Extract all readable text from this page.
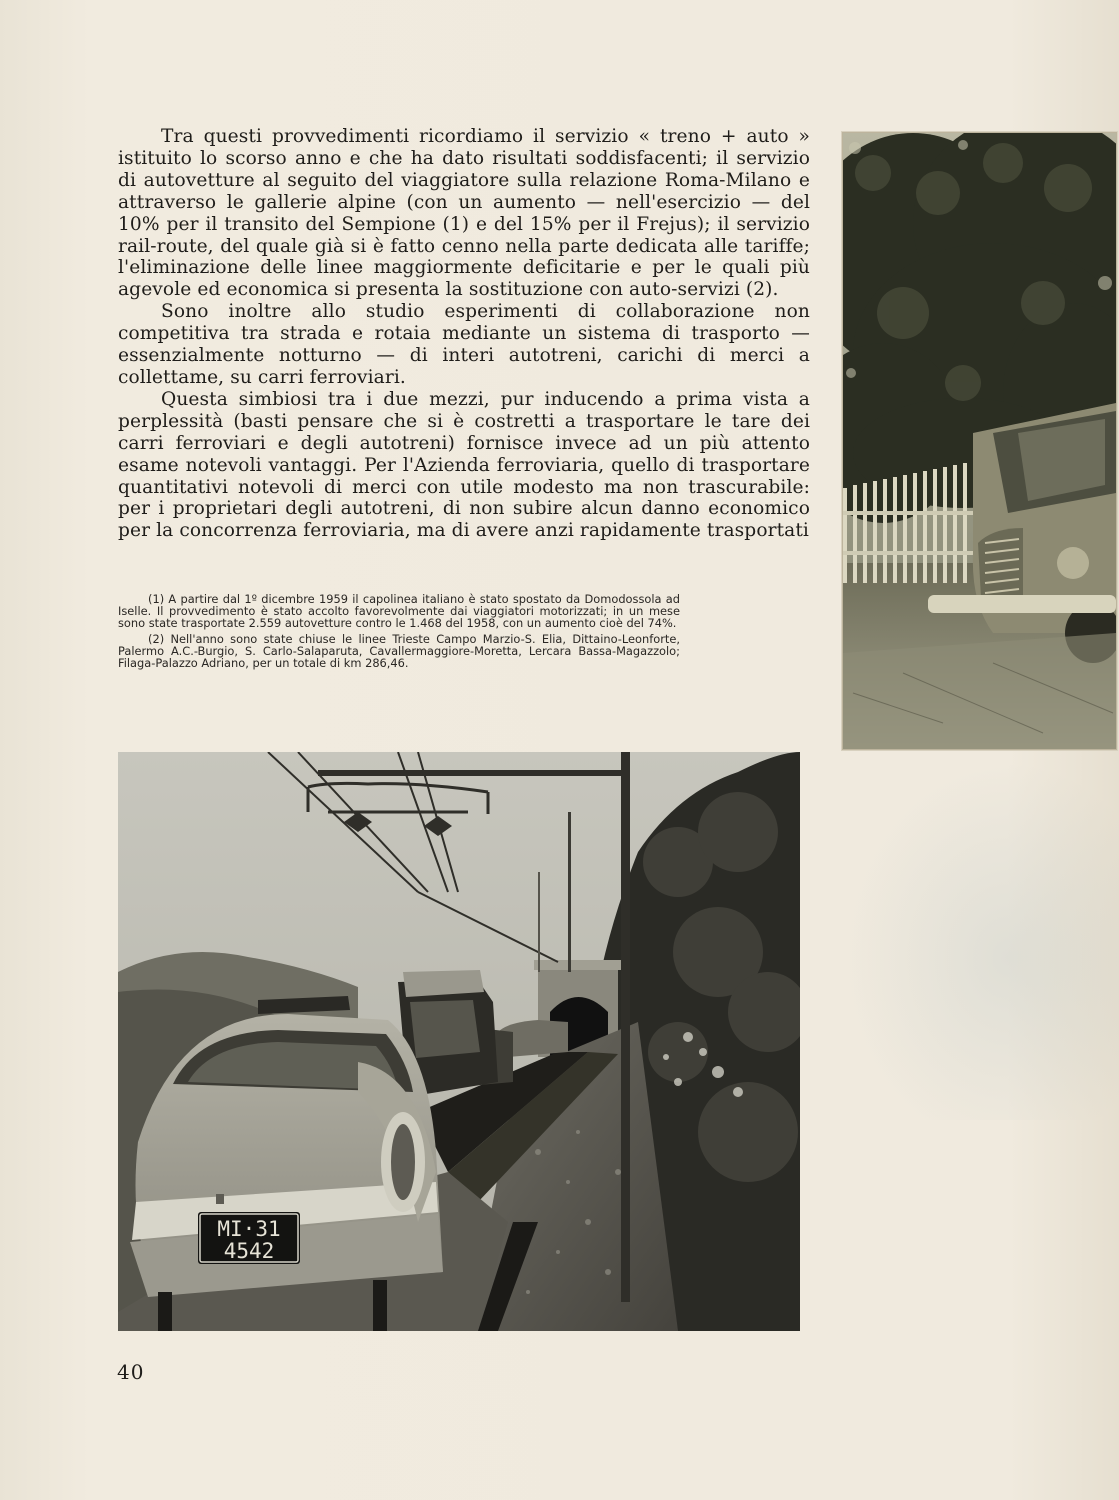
Tra questi provvedimenti ricordiamo il servizio « treno + auto » istituito lo scorso anno e che ha dato risultati soddisfacenti; il servizio di autovetture al seguito del viaggiatore sulla relazione Roma-Milano e attraverso le gallerie alpine (con un aumento — nell'esercizio — del 10% per il transito del Sempione (1) e del 15% per il Frejus); il servizio rail-route, del quale già si è fatto cenno nella parte dedicata alle tariffe; l'eliminazione delle linee maggiormente deficitarie e per le quali più agevole ed economica si presenta la sostituzione con auto-servizi (2).

Sono inoltre allo studio esperimenti di collaborazione non competitiva tra strada e rotaia mediante un sistema di trasporto — essenzialmente notturno — di interi autotreni, carichi di merci a collettame, su carri ferroviari.

Questa simbiosi tra i due mezzi, pur inducendo a prima vista a perplessità (basti pensare che si è costretti a trasportare le tare dei carri ferroviari e degli autotreni) fornisce invece ad un più attento esame notevoli vantaggi. Per l'Azienda ferroviaria, quello di trasportare quantitativi notevoli di merci con utile modesto ma non trascurabile: per i proprietari degli autotreni, di non subire alcun danno economico per la concorrenza ferroviaria, ma di avere anzi rapidamente trasportati

(1) A partire dal 1º dicembre 1959 il capolinea italiano è stato spostato da Domodossola ad Iselle. Il provvedimento è stato accolto favorevolmente dai viaggiatori motorizzati; in un mese sono state trasportate 2.559 autovetture contro le 1.468 del 1958, con un aumento cioè del 74%.

(2) Nell'anno sono state chiuse le linee Trieste Campo Marzio-S. Elia, Dittaino-Leonforte, Palermo A.C.-Burgio, S. Carlo-Salaparuta, Cavallermaggiore-Moretta, Lercara Bassa-Magazzolo; Filaga-Palazzo Adriano, per un totale di km 286,46.

MI·31
4542
40
